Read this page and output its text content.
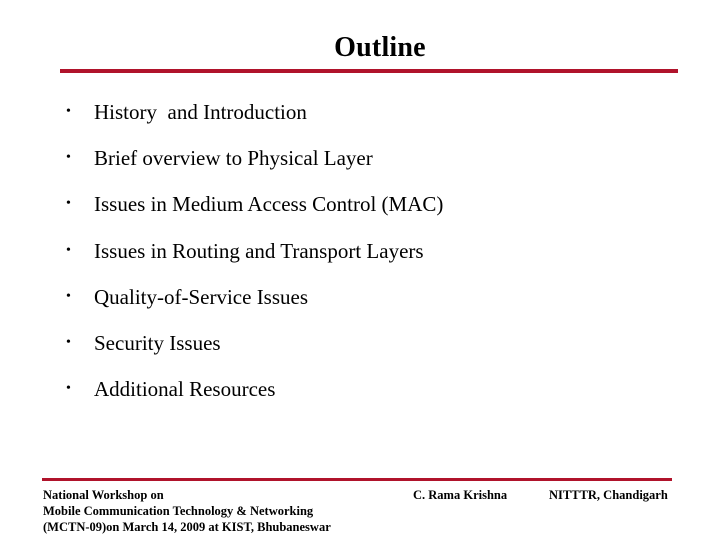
Outline

•

History  and Introduction

•

Brief overview to Physical Layer

•

Issues in Medium Access Control (MAC)

•

Issues in Routing and Transport Layers

•

Quality-of-Service Issues

•

Security Issues

•

Additional Resources

National Workshop on
Mobile Communication Technology & Networking
(MCTN-09)on March 14, 2009 at KIST, Bhubaneswar
C. Rama Krishna	NITTTR, Chandigarh
